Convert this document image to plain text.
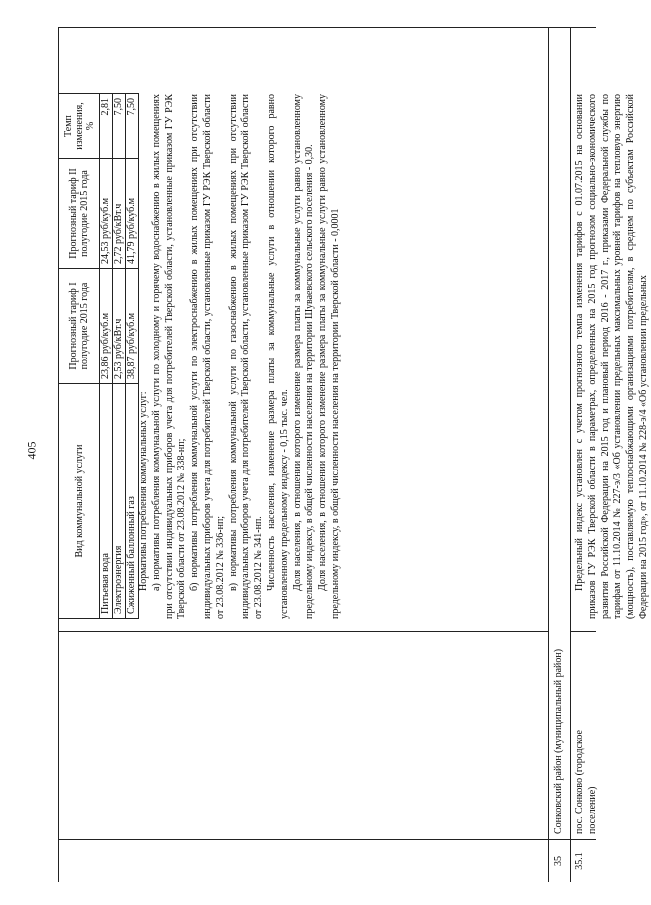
405	Вид коммунальной услуги	Прогнозный тариф I полугодие 2015 года	Прогнозный тариф II полугодие 2015 года	Темп изменения, %
Питьевая вода	23,86 руб/куб.м	24,53 руб/куб.м	2,81
Электроэнергия	2,53 руб/кВт.ч	2,72 руб/кВт.ч	7,50
Сжиженный баллонный газ	38,87 руб/куб.м	41,79 руб/куб.м	7,50

Нормативы потребления коммунальных услуг: а) нормативы потребления коммунальной услуги по холодному и горячему водоснабжению в жилых помещениях при отсутствии индивидуальных приборов учета для потребителей Тверской области, установленные приказом ГУ РЭК Тверской области от 23.08.2012 № 338-нп; б) нормативы потребления коммунальной услуги по электроснабжению в жилых помещениях при отсутствии индивидуальных приборов учета для потребителей Тверской области, установленные приказом ГУ РЭК Тверской области от 23.08.2012 № 336-нп; в) нормативы потребления коммунальной услуги по газоснабжению в жилых помещениях при отсутствии индивидуальных приборов учета для потребителей Тверской области, установленные приказом ГУ РЭК Тверской области от 23.08.2012 № 341-нп. Численность населения, изменение размера платы за коммунальные услуги в отношении которого равно установленному предельному индексу - 0,15 тыс. чел. Доля населения, в отношении которого изменение размера платы за коммунальные услуги равно установленному предельному индексу, в общей численности населения на территории Шуваевского сельского поселения - 0,30. Доля населения, в отношении которого изменение размера платы за коммунальные услуги равно установленному предельному индексу, в общей численности населения на территории Тверской области - 0,0001

35
Сонковский район (муниципальный район)
35.1
пос. Сонково (городское поселение)

Предельный индекс установлен с учетом прогнозного темпа изменения тарифов с 01.07.2015 на основании приказов ГУ РЭК Тверской области в параметрах, определенных на 2015 год прогнозом социально-экономического развития Российской Федерации на 2015 год и плановый период 2016 - 2017 г., приказами Федеральной службы по тарифам от 11.10.2014 № 227-э/3 «Об установлении предельных максимальных уровней тарифов на тепловую энергию (мощность), поставляемую теплоснабжающими организациями потребителям, в среднем по субъектам Российской Федерации на 2015 год», от 11.10.2014 № 228-э/4 «Об установлении предельных
